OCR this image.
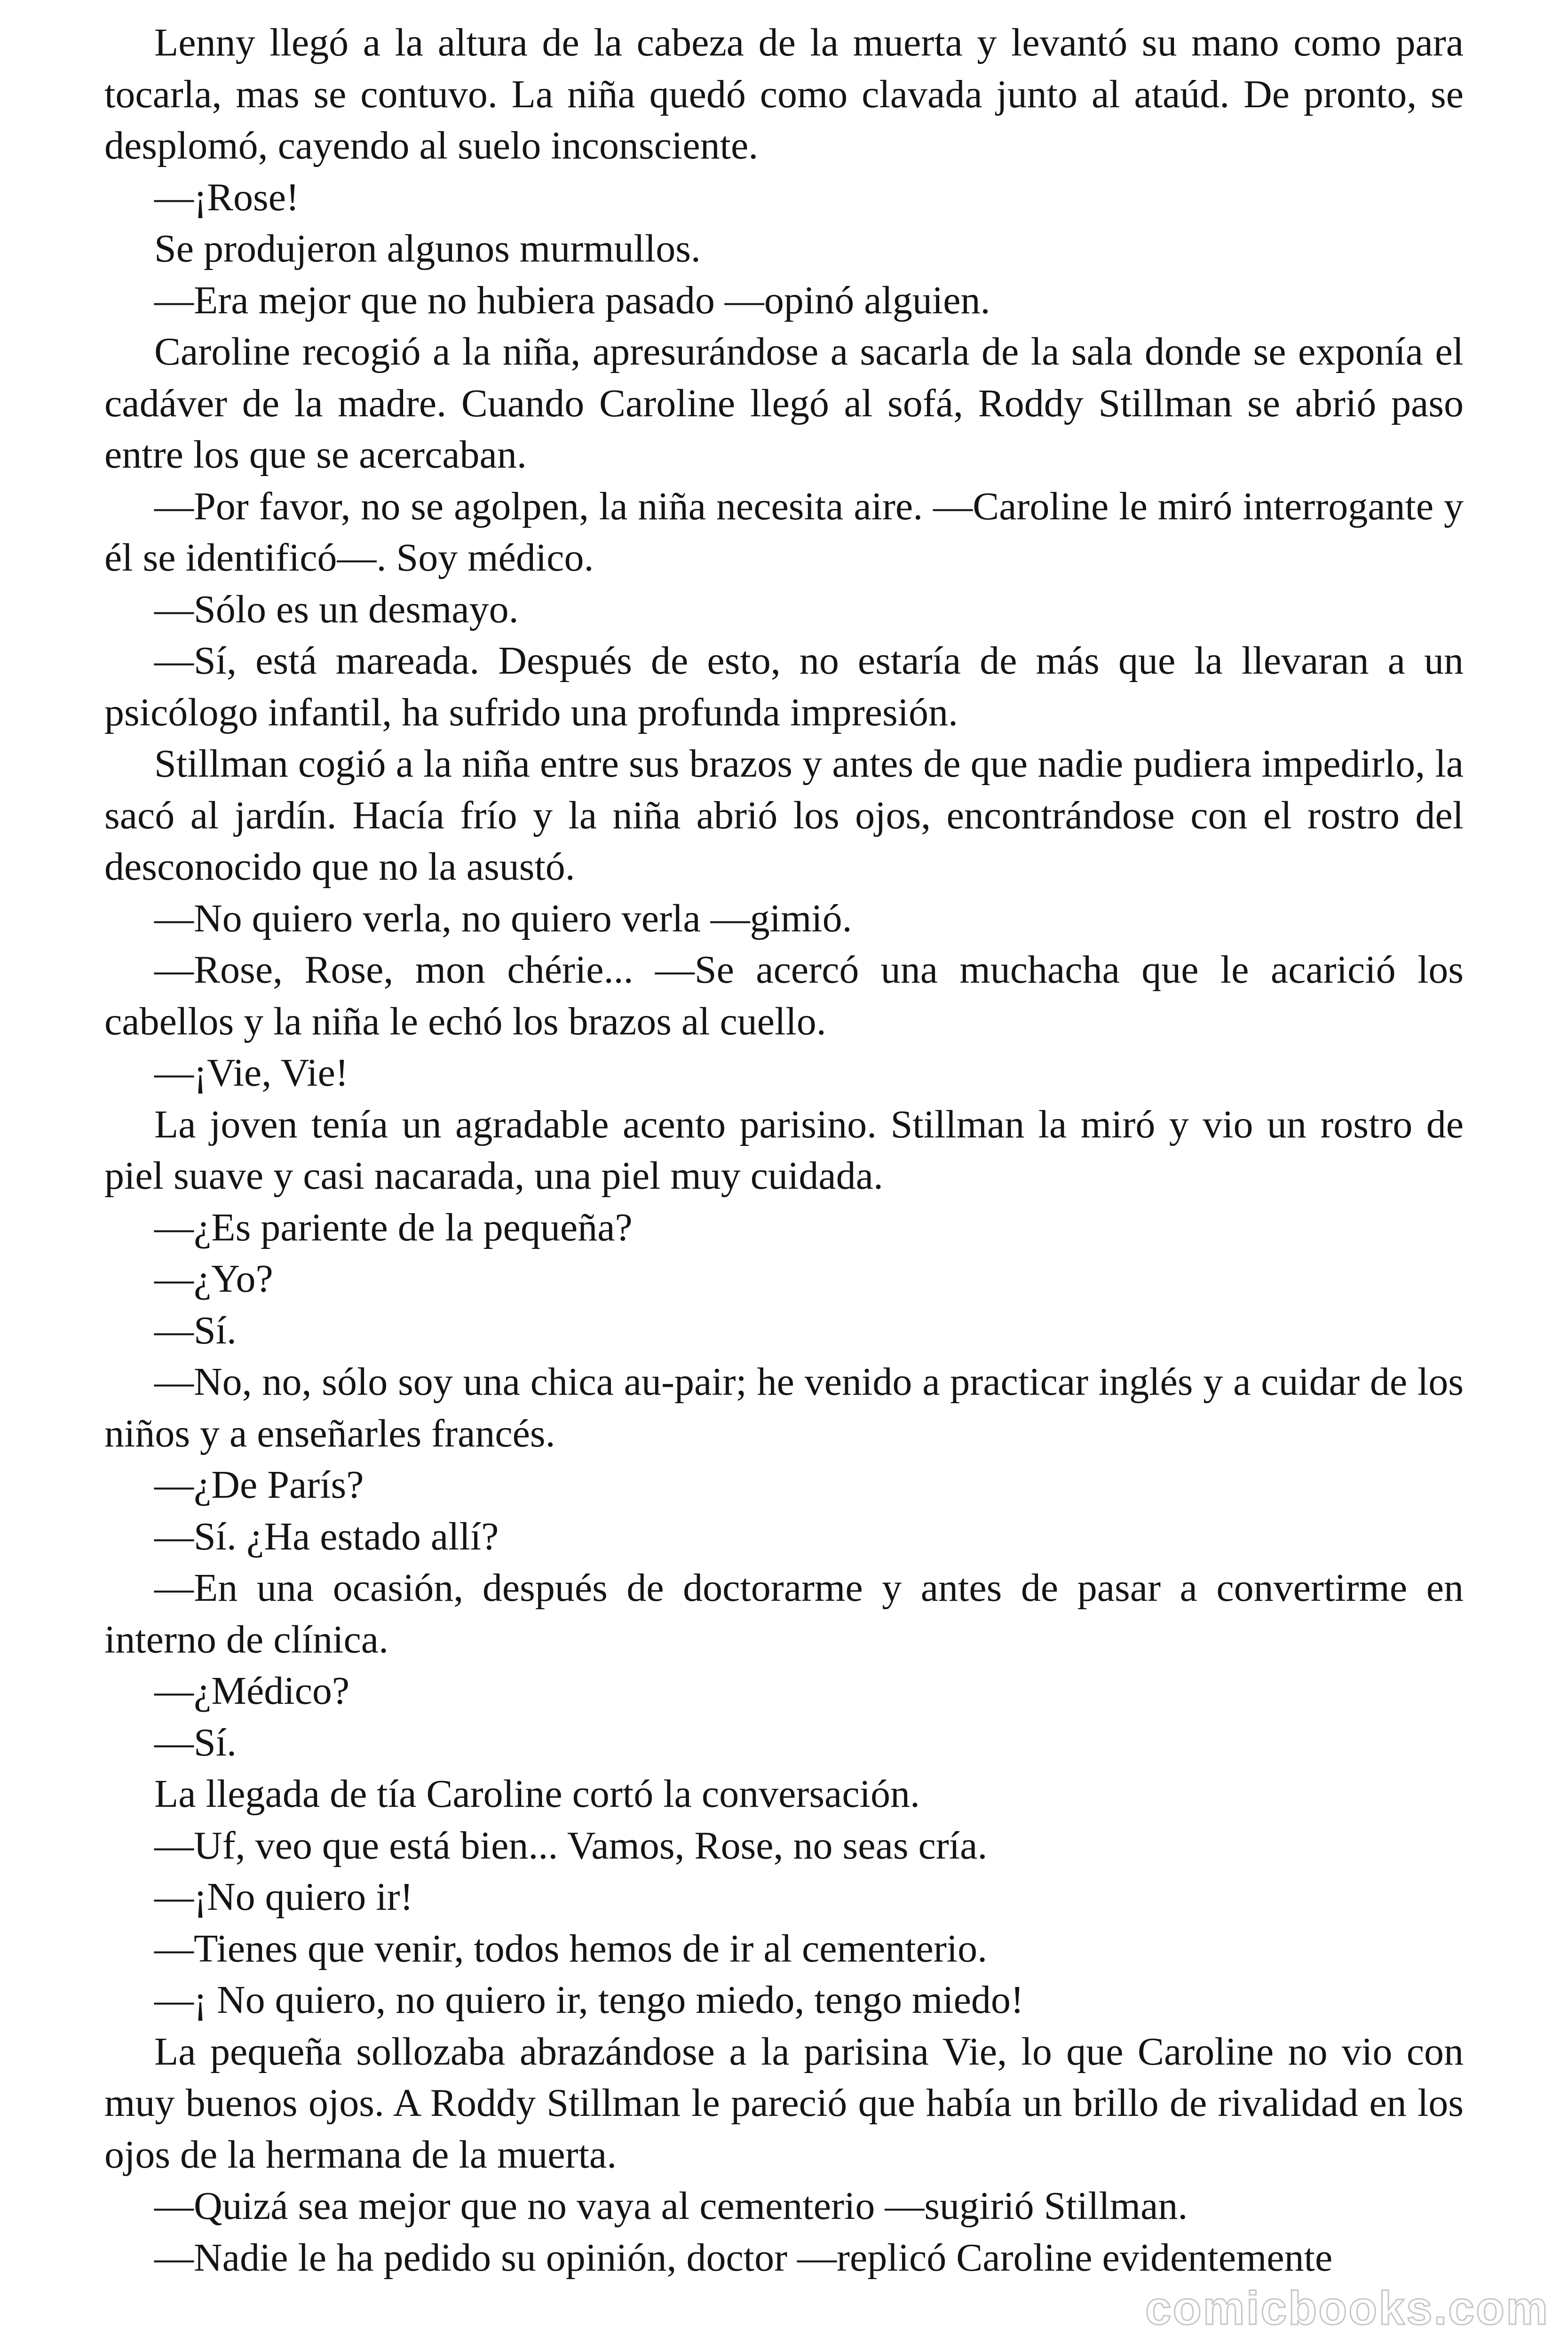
Lenny llegó a la altura de la cabeza de la muerta y levantó su mano como para tocarla, mas se contuvo. La niña quedó como clavada junto al ataúd. De pronto, se desplomó, cayendo al suelo inconsciente.

—¡Rose!

Se produjeron algunos murmullos.

—Era mejor que no hubiera pasado —opinó alguien.

Caroline recogió a la niña, apresurándose a sacarla de la sala donde se exponía el cadáver de la madre. Cuando Caroline llegó al sofá, Roddy Stillman se abrió paso entre los que se acercaban.

—Por favor, no se agolpen, la niña necesita aire. —Caroline le miró interrogante y él se identificó—. Soy médico.

—Sólo es un desmayo.

—Sí, está mareada. Después de esto, no estaría de más que la llevaran a un psicólogo infantil, ha sufrido una profunda impresión.

Stillman cogió a la niña entre sus brazos y antes de que nadie pudiera impedirlo, la sacó al jardín. Hacía frío y la niña abrió los ojos, encontrándose con el rostro del desconocido que no la asustó.

—No quiero verla, no quiero verla —gimió.

—Rose, Rose, mon chérie... —Se acercó una muchacha que le acarició los cabellos y la niña le echó los brazos al cuello.

—¡Vie, Vie!

La joven tenía un agradable acento parisino. Stillman la miró y vio un rostro de piel suave y casi nacarada, una piel muy cuidada.

—¿Es pariente de la pequeña?

—¿Yo?

—Sí.

—No, no, sólo soy una chica au-pair; he venido a practicar inglés y a cuidar de los niños y a enseñarles francés.

—¿De París?

—Sí. ¿Ha estado allí?

—En una ocasión, después de doctorarme y antes de pasar a convertirme en interno de clínica.

—¿Médico?

—Sí.

La llegada de tía Caroline cortó la conversación.

—Uf, veo que está bien... Vamos, Rose, no seas cría.

—¡No quiero ir!

—Tienes que venir, todos hemos de ir al cementerio.

—¡ No quiero, no quiero ir, tengo miedo, tengo miedo!

La pequeña sollozaba abrazándose a la parisina Vie, lo que Caroline no vio con muy buenos ojos. A Roddy Stillman le pareció que había un brillo de rivalidad en los ojos de la hermana de la muerta.

—Quizá sea mejor que no vaya al cementerio —sugirió Stillman.

—Nadie le ha pedido su opinión, doctor —replicó Caroline evidentemente

comicbooks.com
